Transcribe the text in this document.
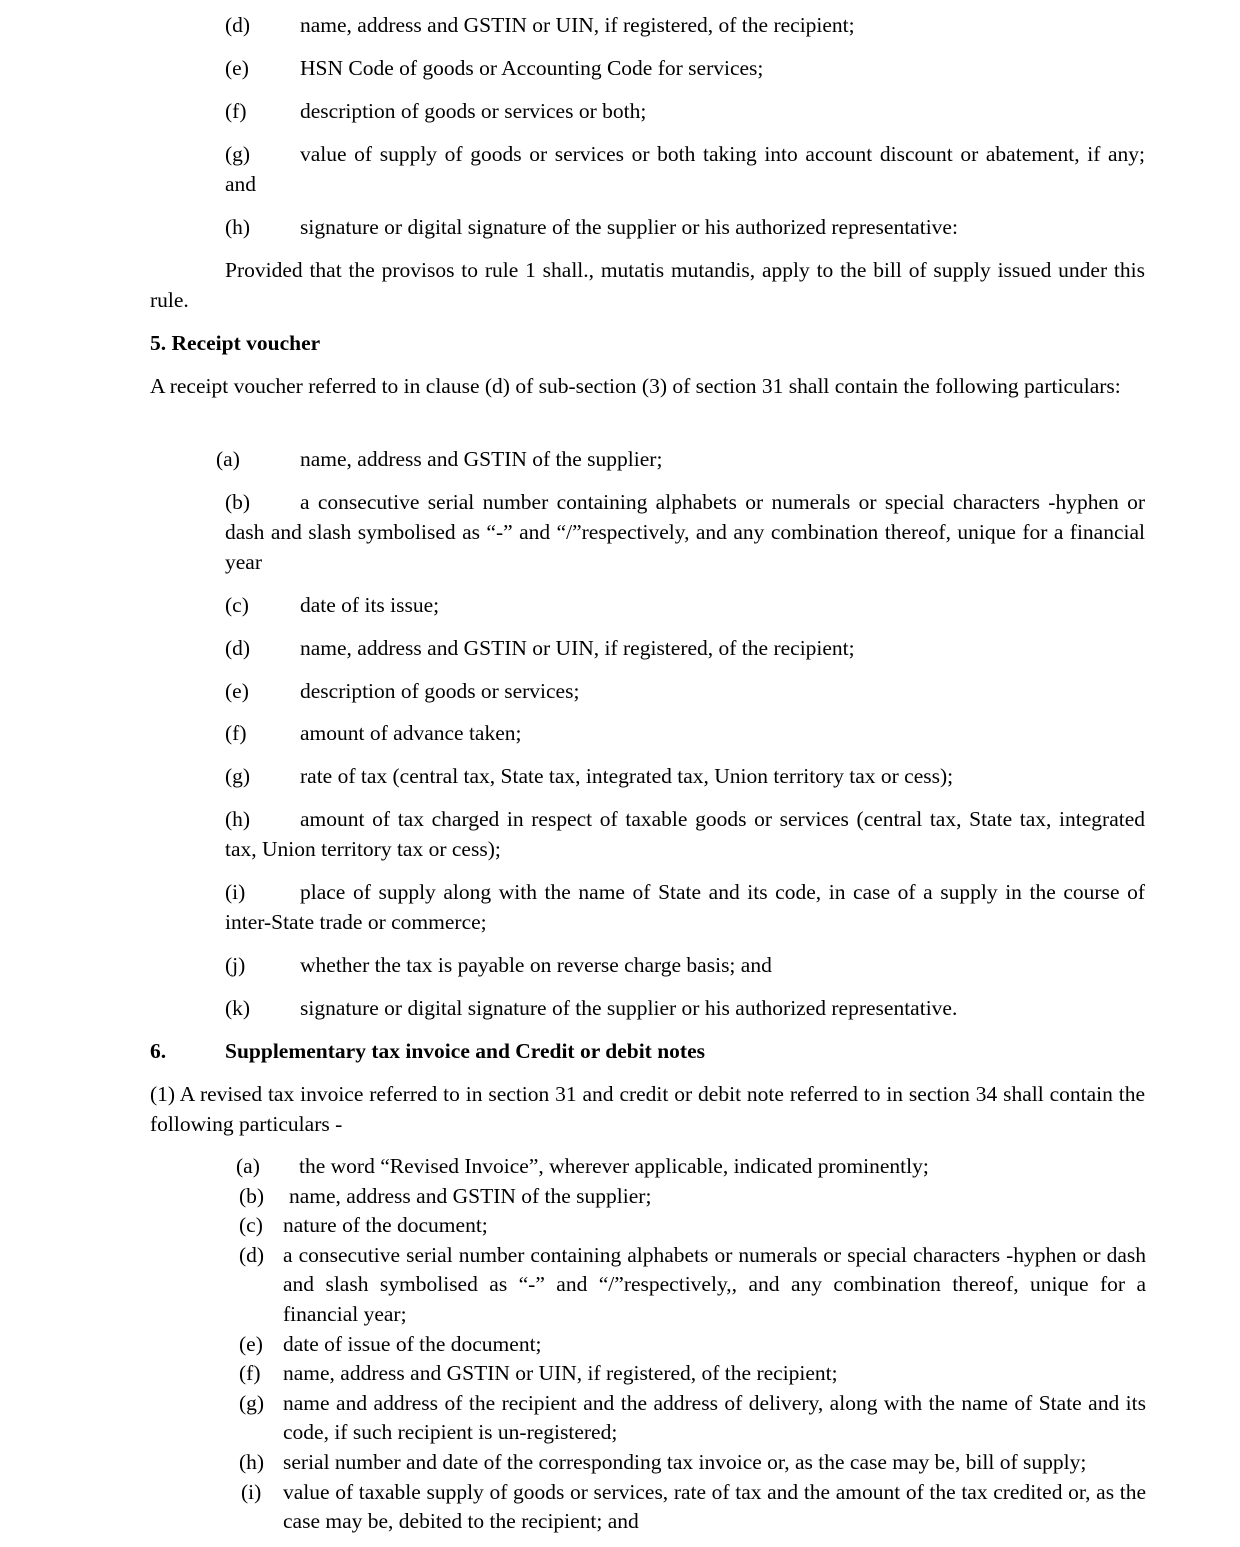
(d)	name, address and GSTIN or UIN, if registered, of the recipient;
(e)	HSN Code of goods or Accounting Code for services;
(f)	description of goods or services or both;
(g)	value of supply of goods or services or both taking into account discount or abatement, if any; and
(h)	signature or digital signature of the supplier or his authorized representative:

Provided that the provisos to rule 1 shall., mutatis mutandis, apply to the bill of supply issued under this rule.

5. Receipt voucher

A receipt voucher referred to in clause (d) of sub-section (3) of section 31 shall contain the following particulars:

(a)	name, address and GSTIN of the supplier;
(b)	a consecutive serial number containing alphabets or numerals or special characters -hyphen or dash and slash symbolised as “-” and “/”respectively, and any combination thereof, unique for a financial year
(c)	date of its issue;
(d)	name, address and GSTIN or UIN, if registered, of the recipient;
(e)	description of goods or services;
(f)	amount of advance taken;
(g)	rate of tax (central tax, State tax, integrated tax, Union territory tax or cess);
(h)	amount of tax charged in respect of taxable goods or services (central tax, State tax, integrated tax, Union territory tax or cess);
(i)	place of supply along with the name of State and its code, in case of a supply in the course of inter-State trade or commerce;
(j)	whether the tax is payable on reverse charge basis; and
(k)	signature or digital signature of the supplier or his authorized representative.
6.	Supplementary tax invoice and Credit or debit notes

(1) A revised tax invoice referred to in section 31 and credit or debit note referred to in section 34 shall contain the following particulars -

(a) the word “Revised Invoice”, wherever applicable, indicated prominently;
(b) name, address and GSTIN of the supplier;
(c) nature of the document;
(d) a consecutive serial number containing alphabets or numerals or special characters -hyphen or dash and slash symbolised as “-” and “/”respectively,, and any combination thereof, unique for a financial year;
(e) date of issue of the document;
(f) name, address and GSTIN or UIN, if registered, of the recipient;
(g) name and address of the recipient and the address of delivery, along with the name of State and its code, if such recipient is un-registered;
(h) serial number and date of the corresponding tax invoice or, as the case may be, bill of supply;
(i) value of taxable supply of goods or services, rate of tax and the amount of the tax credited or, as the case may be, debited to the recipient; and
